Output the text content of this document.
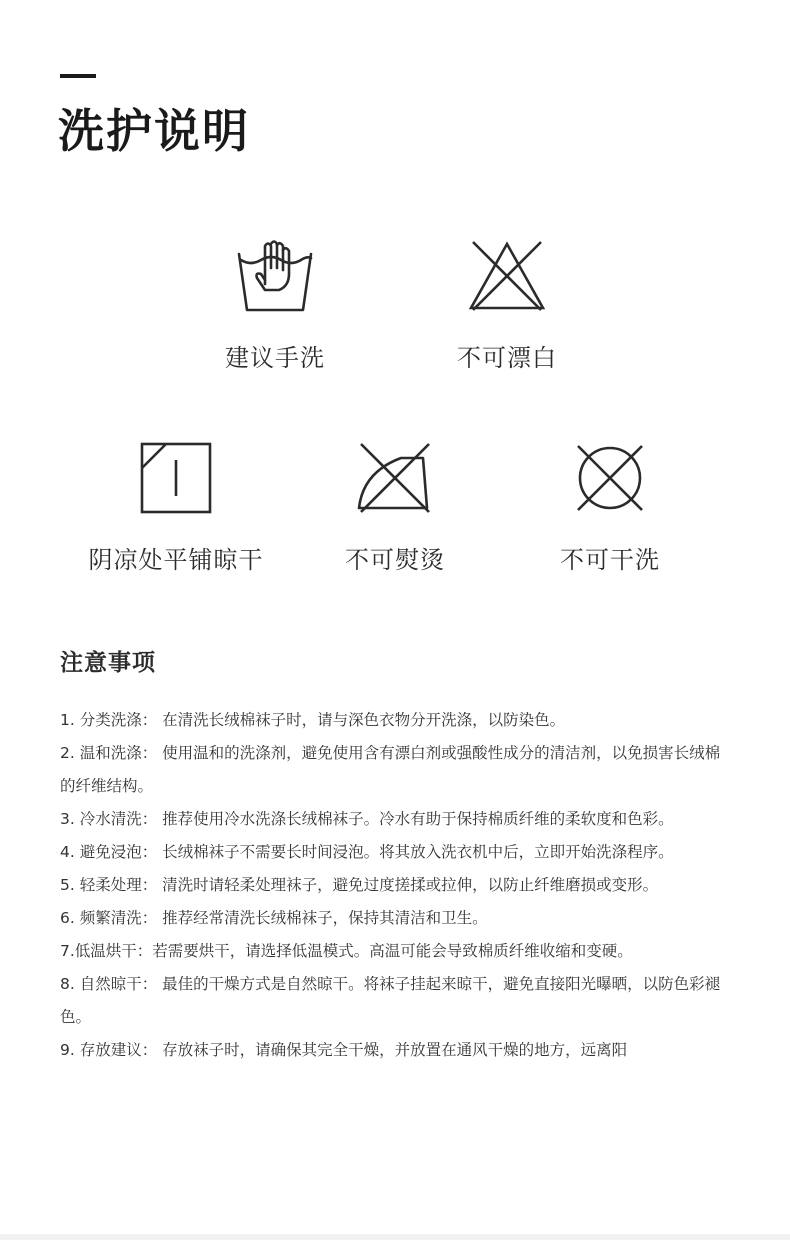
洗护说明
建议手洗	不可漂白
阴凉处平铺晾干	不可熨烫	不可干洗
注意事项
1. 分类洗涤： 在清洗长绒棉袜子时，请与深色衣物分开洗涤，以防染色。
2. 温和洗涤： 使用温和的洗涤剂，避免使用含有漂白剂或强酸性成分的清洁剂，以免损害长绒棉的纤维结构。
3. 冷水清洗： 推荐使用冷水洗涤长绒棉袜子。冷水有助于保持棉质纤维的柔软度和色彩。
4. 避免浸泡： 长绒棉袜子不需要长时间浸泡。将其放入洗衣机中后，立即开始洗涤程序。
5. 轻柔处理： 清洗时请轻柔处理袜子，避免过度搓揉或拉伸，以防止纤维磨损或变形。
6. 频繁清洗： 推荐经常清洗长绒棉袜子，保持其清洁和卫生。
7.低温烘干：若需要烘干，请选择低温模式。高温可能会导致棉质纤维收缩和变硬。
8. 自然晾干： 最佳的干燥方式是自然晾干。将袜子挂起来晾干，避免直接阳光曝晒，以防色彩褪色。
9. 存放建议： 存放袜子时，请确保其完全干燥，并放置在通风干燥的地方，远离阳
